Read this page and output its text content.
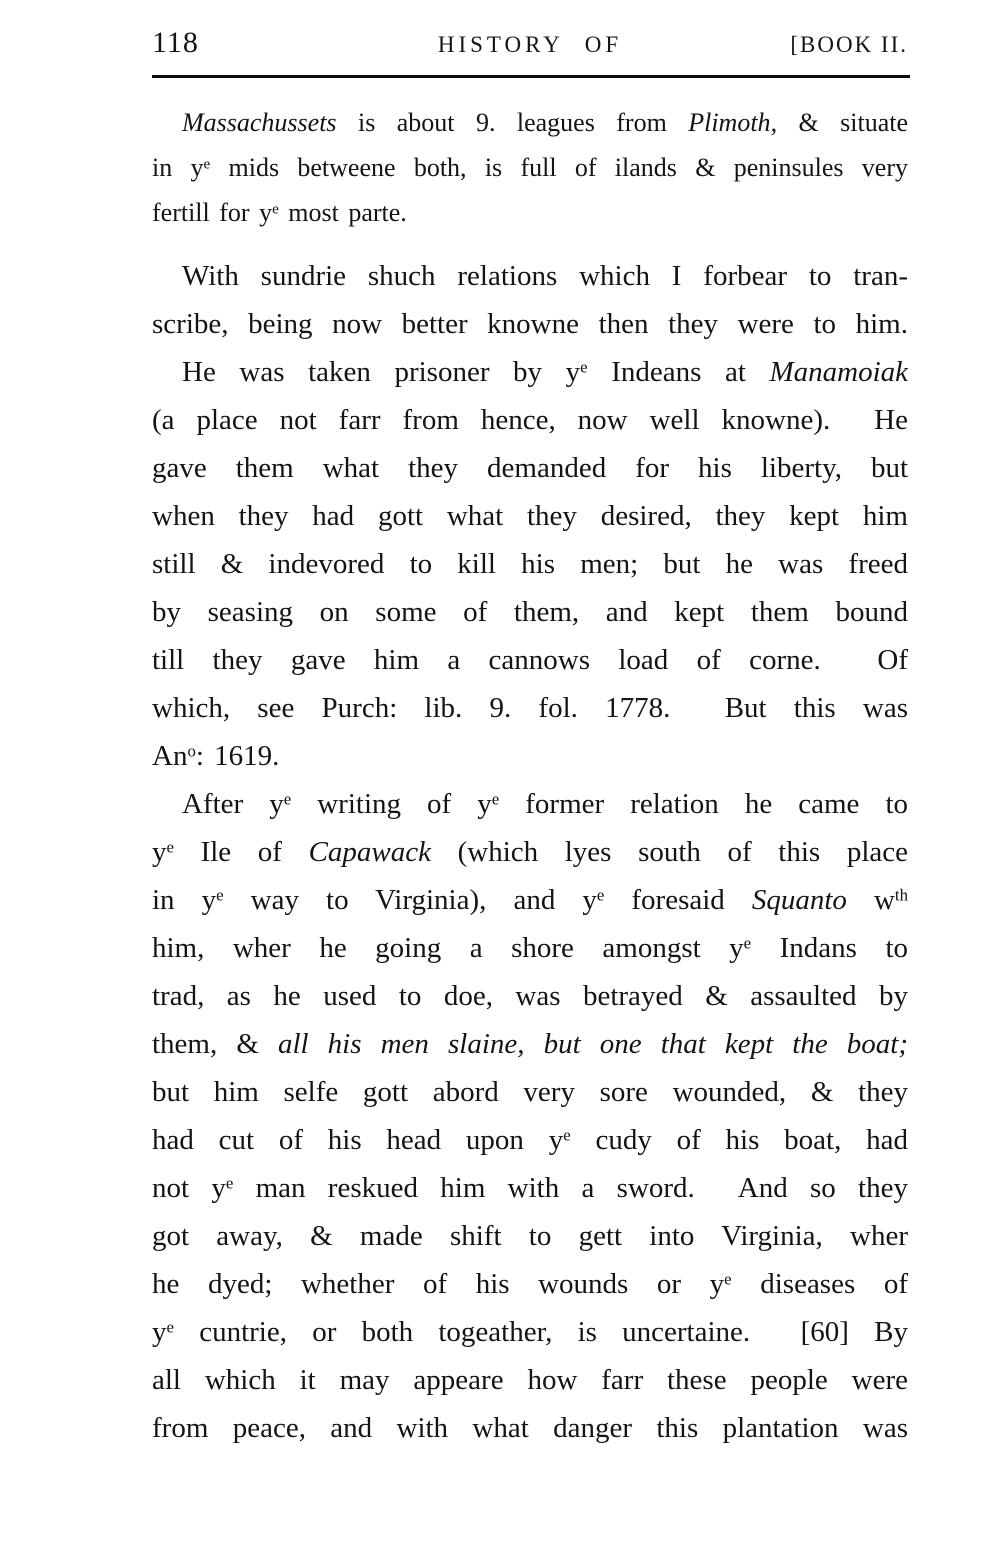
118	HISTORY OF	[BOOK II.
Massachussets is about 9. leagues from Plimoth, & situate
in $y^e$ mids betweene both, is full of ilands & peninsules very
fertill for $y^e$ most parte.
With sundrie shuch relations which I forbear to tran-
scribe, being now better knowne then they were to him.
He was taken prisoner by $y^e$ Indeans at Manamoiak
(a place not farr from hence, now well knowne).  He
gave them what they demanded for his liberty, but
when they had gott what they desired, they kept him
still & indevored to kill his men; but he was freed
by seasing on some of them, and kept them bound
till they gave him a cannows load of corne.  Of
which, see Purch: lib. 9. fol. 1778.  But this was
An$^o$: 1619.
After $y^e$ writing of $y^e$ former relation he came to
$y^e$ Ile of Capawack (which lyes south of this place
in $y^e$ way to Virginia), and $y^e$ foresaid Squanto $w^{th}$
him, wher he going a shore amongst $y^e$ Indans to
trad, as he used to doe, was betrayed & assaulted by
them, & all his men slaine, but one that kept the boat;
but him selfe gott abord very sore wounded, & they
had cut of his head upon $y^e$ cudy of his boat, had
not $y^e$ man reskued him with a sword.  And so they
got away, & made shift to gett into Virginia, wher
he dyed; whether of his wounds or $y^e$ diseases of
$y^e$ cuntrie, or both togeather, is uncertaine.  [60] By
all which it may appeare how farr these people were
from peace, and with what danger this plantation was
